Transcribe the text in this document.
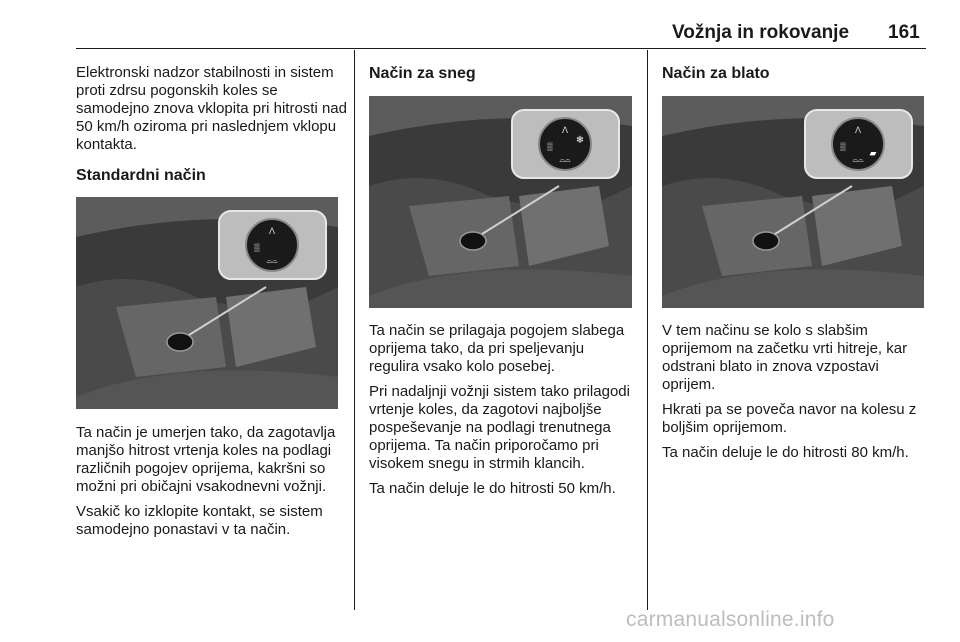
Vožnja in rokovanje 161

Elektronski nadzor stabilnosti in sistem proti zdrsu pogonskih koles se samodejno znova vklopita pri hitrosti nad 50 km/h oziroma pri naslednjem vklopu kontakta.

Standardni način
Λ
▒
⌓⌓

Ta način je umerjen tako, da zagotavlja manjšo hitrost vrtenja koles na podlagi različnih pogojev oprijema, kakršni so možni pri običajni vsakodnevni vožnji.

Vsakič ko izklopite kontakt, se sistem samodejno ponastavi v ta način.

Način za sneg
Λ
▒
⌓⌓
❄

Ta način se prilagaja pogojem slabega oprijema tako, da pri speljevanju regulira vsako kolo posebej.

Pri nadaljnji vožnji sistem tako prilagodi vrtenje koles, da zagotovi najboljše pospeševanje na podlagi trenutnega oprijema. Ta način priporočamo pri visokem snegu in strmih klancih.

Ta način deluje le do hitrosti 50 km/h.

Način za blato
Λ
▒
⌓⌓
▰

V tem načinu se kolo s slabšim oprijemom na začetku vrti hitreje, kar odstrani blato in znova vzpostavi oprijem.

Hkrati pa se poveča navor na kolesu z boljšim oprijemom.

Ta način deluje le do hitrosti 80 km/h.

carmanualsonline.info
